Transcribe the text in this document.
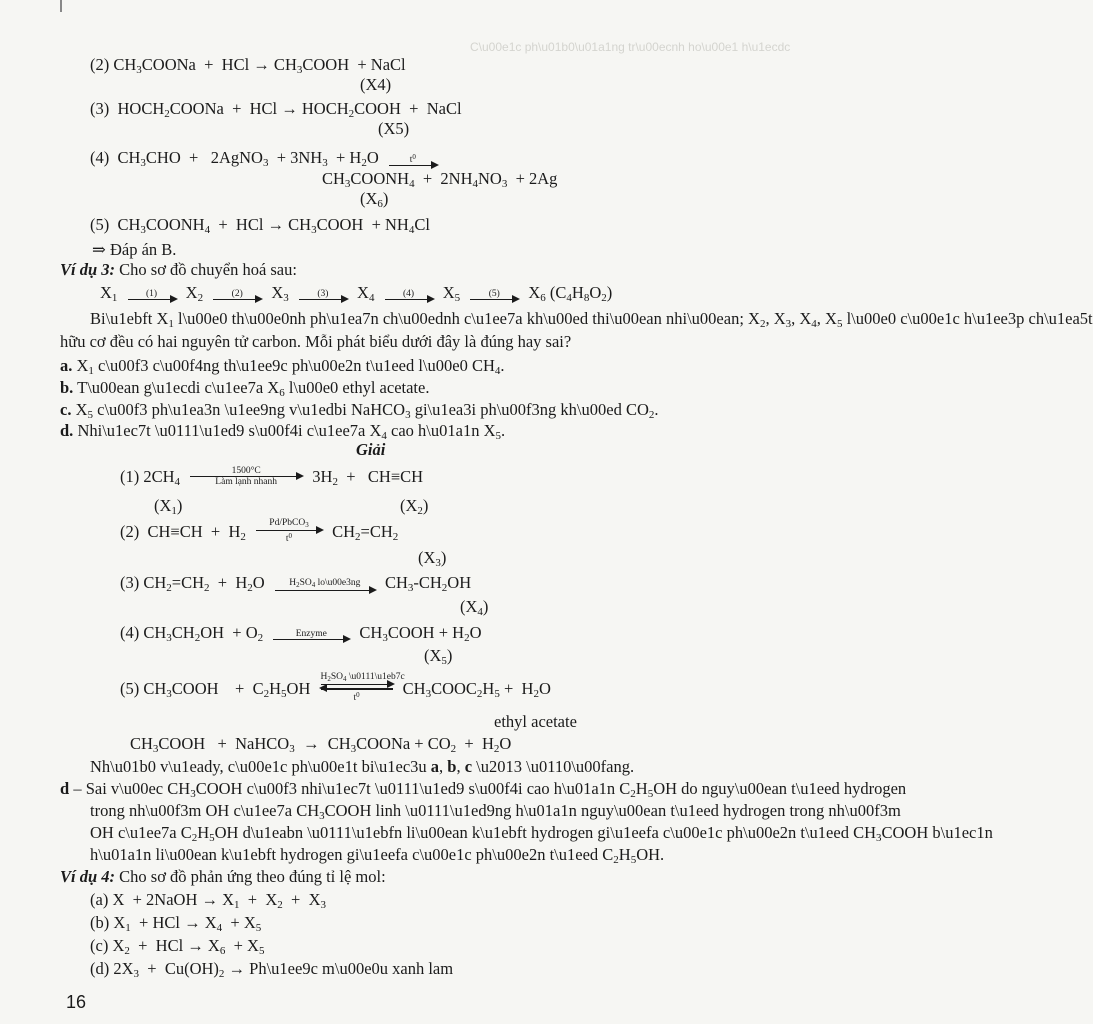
C\u00e1c ph\u01b0\u01a1ng tr\u00ecnh ho\u00e1 h\u1ecdc
(2) $CH_3COONa$  +  HCl → $CH_3COOH$  + NaCl
(X4)
(3)  $HOCH_2COONa$  +  HCl → $HOCH_2COOH$  +  NaCl
(X5)
(4)  $CH_3CHO$  +   2AgNO$_3$  + $3NH_3 + H_2O$	$t^0$
$CH_3COONH_4 + 2NH_4NO_3 + 2Ag$
$(X_6)$
(5)  $CH_3COONH_4$  +  HCl → $CH_3COOH + NH_4Cl$
⇒ Đáp án B.
Ví dụ 3: Cho sơ đồ chuyển hoá sau:
$X_1$	(1)	$X_2$	(2)	$X_3$	(3)	$X_4$	(4)	$X_5$	(5)	$X_6$ $(C_4H_8O_2)$
Bi\u1ebft $X_1$ l\u00e0 th\u00e0nh ph\u1ea7n ch\u00ednh c\u1ee7a kh\u00ed thi\u00ean nhi\u00ean; $X_2$, $X_3$, $X_4$, $X_5$ l\u00e0 c\u00e1c h\u1ee3p ch\u1ea5t
hữu cơ đều có hai nguyên tử carbon. Mỗi phát biểu dưới đây là đúng hay sai?
a. $X_1$ c\u00f3 c\u00f4ng th\u1ee9c ph\u00e2n t\u1eed l\u00e0 $CH_4$.
b. T\u00ean g\u1ecdi c\u1ee7a $X_6$ l\u00e0 ethyl acetate.
c. $X_5$ c\u00f3 ph\u1ea3n \u1ee9ng v\u1edbi NaHCO$_3$ gi\u1ea3i ph\u00f3ng kh\u00ed $CO_2$.
d. Nhi\u1ec7t \u0111\u1ed9 s\u00f4i c\u1ee7a $X_4$ cao h\u01a1n $X_5$.
Giải
(1) $2CH_4$
1500°C
Làm lạnh nhanh	$3H_2 + CH\equiv CH$
$(X_1)$	$(X_2)$
(2)  $CH\equiv CH + H_2$
Pd/PbCO$_3$
$t^0$	$CH_2=CH_2$
$(X_3)$
(3) $CH_2=CH_2 + H_2O$	$H_2SO_4$ lo\u00e3ng	$CH_3-CH_2OH$
$(X_4)$
(4) $CH_3CH_2OH + O_2$	Enzyme	$CH_3COOH + H_2O$
$(X_5)$
(5) $CH_3COOH$    +  $C_2H_5OH \frac{H_2SO_4 \backslash u0111\backslash u1eb7c}{t^0}$ $CH_3COOC_2H_5 + H_2O$
ethyl acetate
$CH_3COOH$   +  NaHCO$_3$  →  $CH_3COONa + CO_2 + H_2O$
Nh\u01b0 v\u1eady, c\u00e1c ph\u00e1t bi\u1ec3u a, b, c \u2013 \u0110\u00fang.
d – Sai v\u00ec $CH_3COOH$ c\u00f3 nhi\u1ec7t \u0111\u1ed9 s\u00f4i cao h\u01a1n $C_2H_5OH$ do nguy\u00ean t\u1eed hydrogen
trong nh\u00f3m OH c\u1ee7a $CH_3COOH$ linh \u0111\u1ed9ng h\u01a1n nguy\u00ean t\u1eed hydrogen trong nh\u00f3m
OH c\u1ee7a $C_2H_5OH$ d\u1eabn \u0111\u1ebfn li\u00ean k\u1ebft hydrogen gi\u1eefa c\u00e1c ph\u00e2n t\u1eed $CH_3COOH$ b\u1ec1n
h\u01a1n li\u00ean k\u1ebft hydrogen gi\u1eefa c\u00e1c ph\u00e2n t\u1eed $C_2H_5OH$.
Ví dụ 4: Cho sơ đồ phản ứng theo đúng tỉ lệ mol:
(a) X  + 2NaOH → $X_1 + X_2 + X_3$
(b) $X_1$  + HCl → $X_4 + X_5$
(c) $X_2$  +  HCl → $X_6 + X_5$
(d) $2X_3 + Cu(OH)_2$ → Ph\u1ee9c m\u00e0u xanh lam
16
